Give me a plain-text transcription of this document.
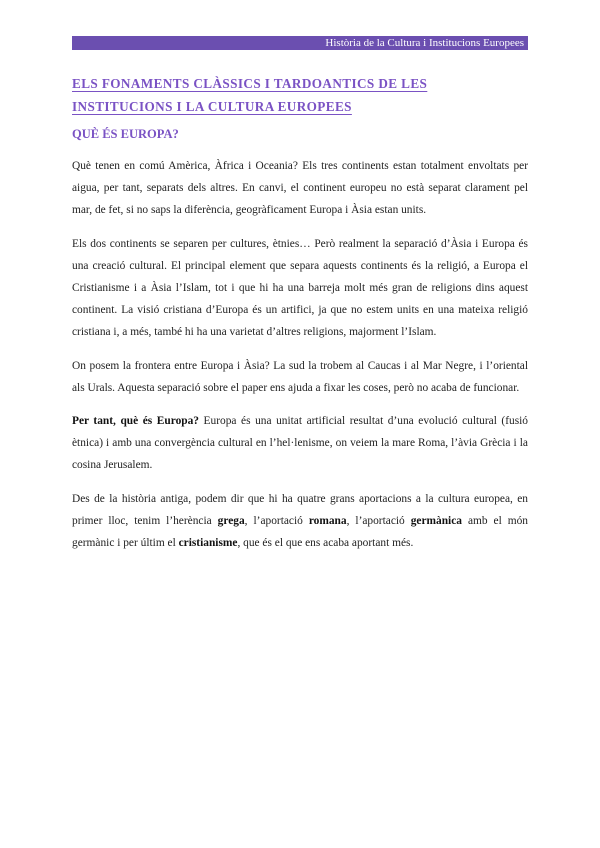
Història de la Cultura i Institucions Europees
ELS FONAMENTS CLÀSSICS I TARDOANTICS DE LES INSTITUCIONS I LA CULTURA EUROPEES
QUÈ ÉS EUROPA?

Què tenen en comú Amèrica, Àfrica i Oceania? Els tres continents estan totalment envoltats per aigua, per tant, separats dels altres. En canvi, el continent europeu no està separat clarament pel mar, de fet, si no saps la diferència, geogràficament Europa i Àsia estan units.

Els dos continents se separen per cultures, ètnies… Però realment la separació d’Àsia i Europa és una creació cultural. El principal element que separa aquests continents és la religió, a Europa el Cristianisme i a Àsia l’Islam, tot i que hi ha una barreja molt més gran de religions dins aquest continent. La visió cristiana d’Europa és un artifici, ja que no estem units en una mateixa religió cristiana i, a més, també hi ha una varietat d’altres religions, majorment l’Islam.

On posem la frontera entre Europa i Àsia? La sud la trobem al Caucas i al Mar Negre, i l’oriental als Urals. Aquesta separació sobre el paper ens ajuda a fixar les coses, però no acaba de funcionar.

Per tant, què és Europa? Europa és una unitat artificial resultat d’una evolució cultural (fusió ètnica) i amb una convergència cultural en l’hel·lenisme, on veiem la mare Roma, l’àvia Grècia i la cosina Jerusalem.

Des de la història antiga, podem dir que hi ha quatre grans aportacions a la cultura europea, en primer lloc, tenim l’herència grega, l’aportació romana, l’aportació germànica amb el món germànic i per últim el cristianisme, que és el que ens acaba aportant més.
